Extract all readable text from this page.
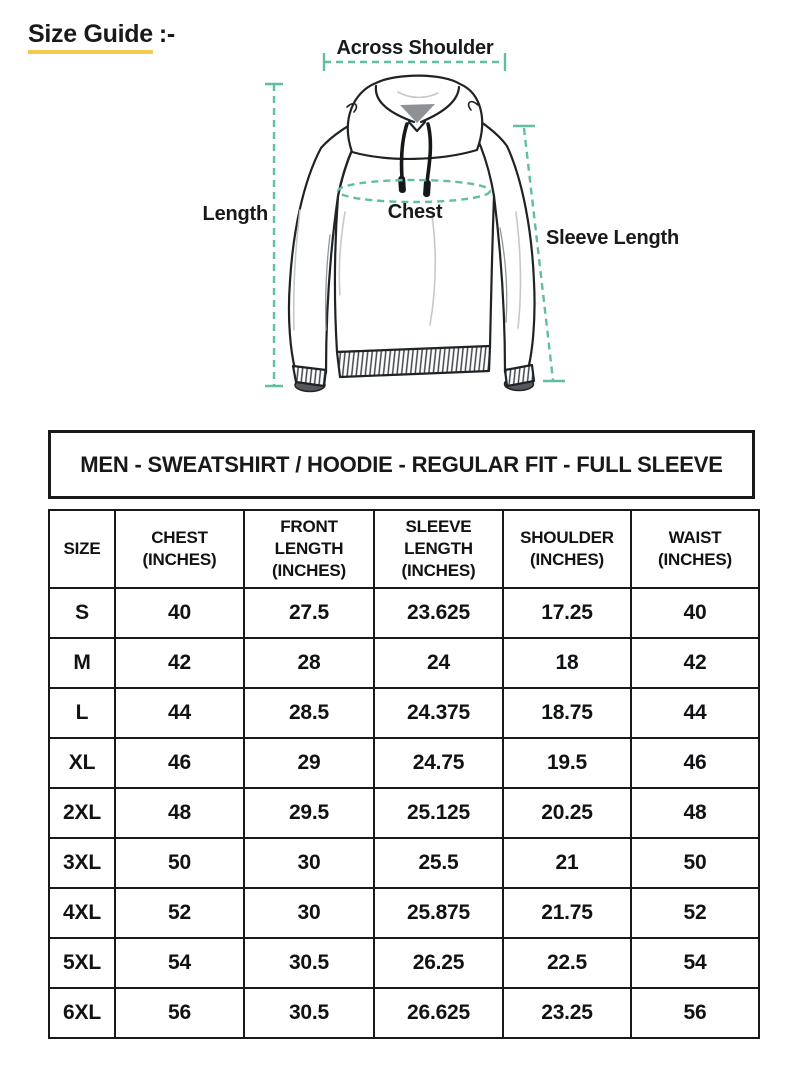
Size Guide :-	Across Shoulder
Length	Chest
Sleeve Length
MEN - SWEATSHIRT / HOODIE - REGULAR FIT - FULL SLEEVE
SIZE	CHEST (INCHES)	FRONT LENGTH (INCHES)	SLEEVE LENGTH (INCHES)	SHOULDER (INCHES)	WAIST (INCHES)
S	40	27.5	23.625	17.25	40
M	42	28	24	18	42
L	44	28.5	24.375	18.75	44
XL	46	29	24.75	19.5	46
2XL	48	29.5	25.125	20.25	48
3XL	50	30	25.5	21	50
4XL	52	30	25.875	21.75	52
5XL	54	30.5	26.25	22.5	54
6XL	56	30.5	26.625	23.25	56
